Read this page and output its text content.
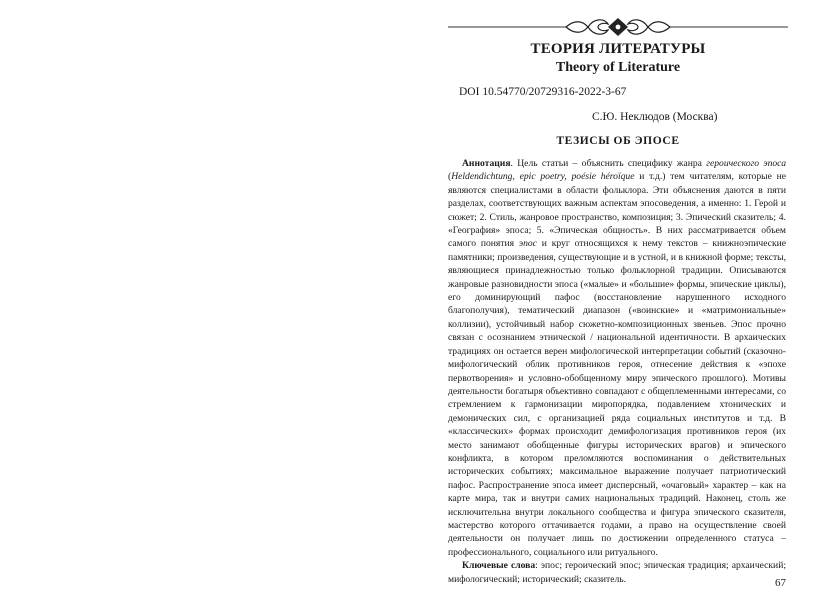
ТЕОРИЯ ЛИТЕРАТУРЫ
Theory of Literature
DOI 10.54770/20729316-2022-3-67
С.Ю. Неклюдов (Москва)
ТЕЗИСЫ ОБ ЭПОСЕ

Аннотация. Цель статьи – объяснить специфику жанра героического эпоса (Heldendichtung, epic poetry, poésie héroïque и т.д.) тем читателям, которые не являются специалистами в области фольклора. Эти объяснения даются в пяти разделах, соответствующих важным аспектам эпосоведения, а именно: 1. Герой и сюжет; 2. Стиль, жанровое пространство, композиция; 3. Эпический сказитель; 4. «География» эпоса; 5. «Эпическая общность». В них рассматривается объем самого понятия эпос и круг относящихся к нему текстов – книжноэпические памятники; произведения, существующие и в устной, и в книжной форме; тексты, являющиеся принадлежностью только фольклорной традиции. Описываются жанровые разновидности эпоса («малые» и «большие» формы, эпические циклы), его доминирующий пафос (восстановление нарушенного исходного благополучия), тематический диапазон («воинские» и «матримониальные» коллизии), устойчивый набор сюжетно-композиционных звеньев. Эпос прочно связан с осознанием этнической / национальной идентичности. В архаических традициях он остается верен мифологической интерпретации событий (сказочно-мифологический облик противников героя, отнесение действия к «эпохе первотворения» и условно-обобщенному миру эпического прошлого). Мотивы деятельности богатыря объективно совпадают с общеплеменными интересами, со стремлением к гармонизации миропорядка, подавлением хтонических и демонических сил, с организацией ряда социальных институтов и т.д. В «классических» формах происходит демифологизация противников героя (их место занимают обобщенные фигуры исторических врагов) и эпического конфликта, в котором преломляются воспоминания о действительных исторических событиях; максимальное выражение получает патриотический пафос. Распространение эпоса имеет дисперсный, «очаговый» характер – как на карте мира, так и внутри самих национальных традиций. Наконец, столь же исключительна внутри локального сообщества и фигура эпического сказителя, мастерство которого оттачивается годами, а право на осуществление своей деятельности он получает лишь по достижении определенного статуса – профессионального, социального или ритуального.

Ключевые слова: эпос; героический эпос; эпическая традиция; архаический; мифологический; исторический; сказитель.	67
